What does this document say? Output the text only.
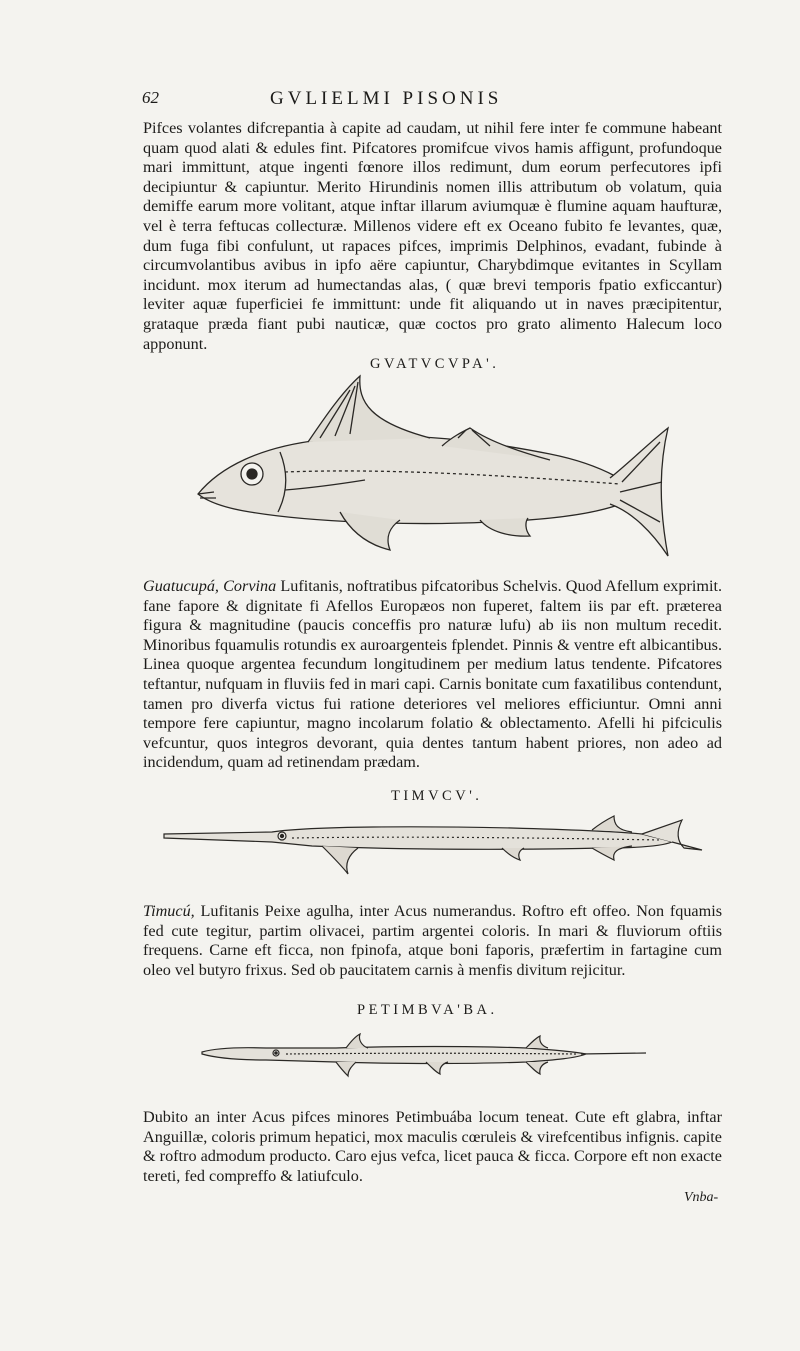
62	GVLIELMI PISONIS

Pifces volantes difcrepantia à capite ad caudam, ut nihil fere inter fe commune habeant quam quod alati & edules fint. Pifcatores promifcue vivos hamis affigunt, profundoque mari immittunt, atque ingenti fœnore illos redimunt, dum eorum perfecutores ipfi decipiuntur & capiuntur. Merito Hirundinis nomen illis attributum ob volatum, quia demiffe earum more volitant, atque inftar illarum aviumquæ è flumine aquam haufturæ, vel è terra feftucas collecturæ. Millenos videre eft ex Oceano fubito fe levantes, quæ, dum fuga fibi confulunt, ut rapaces pifces, imprimis Delphinos, evadant, fubinde à circumvolantibus avibus in ipfo aëre capiuntur, Charybdimque evitantes in Scyllam incidunt. mox iterum ad humectandas alas, ( quæ brevi temporis fpatio exficcantur) leviter aquæ fuperficiei fe immittunt: unde fit aliquando ut in naves præcipitentur, grataque præda fiant pubi nauticæ, quæ coctos pro grato alimento Halecum loco apponunt.

GVATVCVPA'.

Guatucupá, Corvina Lufitanis, noftratibus pifcatoribus Schelvis. Quod Afellum exprimit. fane fapore & dignitate fi Afellos Europæos non fuperet, faltem iis par eft. præterea figura & magnitudine (paucis conceffis pro naturæ lufu) ab iis non multum recedit. Minoribus fquamulis rotundis ex auroargenteis fplendet. Pinnis & ventre eft albicantibus. Linea quoque argentea fecundum longitudinem per medium latus tendente. Pifcatores teftantur, nufquam in fluviis fed in mari capi. Carnis bonitate cum faxatilibus contendunt, tamen pro diverfa victus fui ratione deteriores vel meliores efficiuntur. Omni anni tempore fere capiuntur, magno incolarum folatio & oblectamento. Afelli hi pifciculis vefcuntur, quos integros devorant, quia dentes tantum habent priores, non adeo ad incidendum, quam ad retinendam prædam.

TIMVCV'.

Timucú, Lufitanis Peixe agulha, inter Acus numerandus. Roftro eft offeo. Non fquamis fed cute tegitur, partim olivacei, partim argentei coloris. In mari & fluviorum oftiis frequens. Carne eft ficca, non fpinofa, atque boni faporis, præfertim in fartagine cum oleo vel butyro frixus. Sed ob paucitatem carnis à menfis divitum rejicitur.

PETIMBVA'BA.

Dubito an inter Acus pifces minores Petimbuába locum teneat. Cute eft glabra, inftar Anguillæ, coloris primum hepatici, mox maculis cœruleis & virefcentibus infignis. capite & roftro admodum producto. Caro ejus vefca, licet pauca & ficca. Corpore eft non exacte tereti, fed compreffo & latiufculo.

Vnba-
